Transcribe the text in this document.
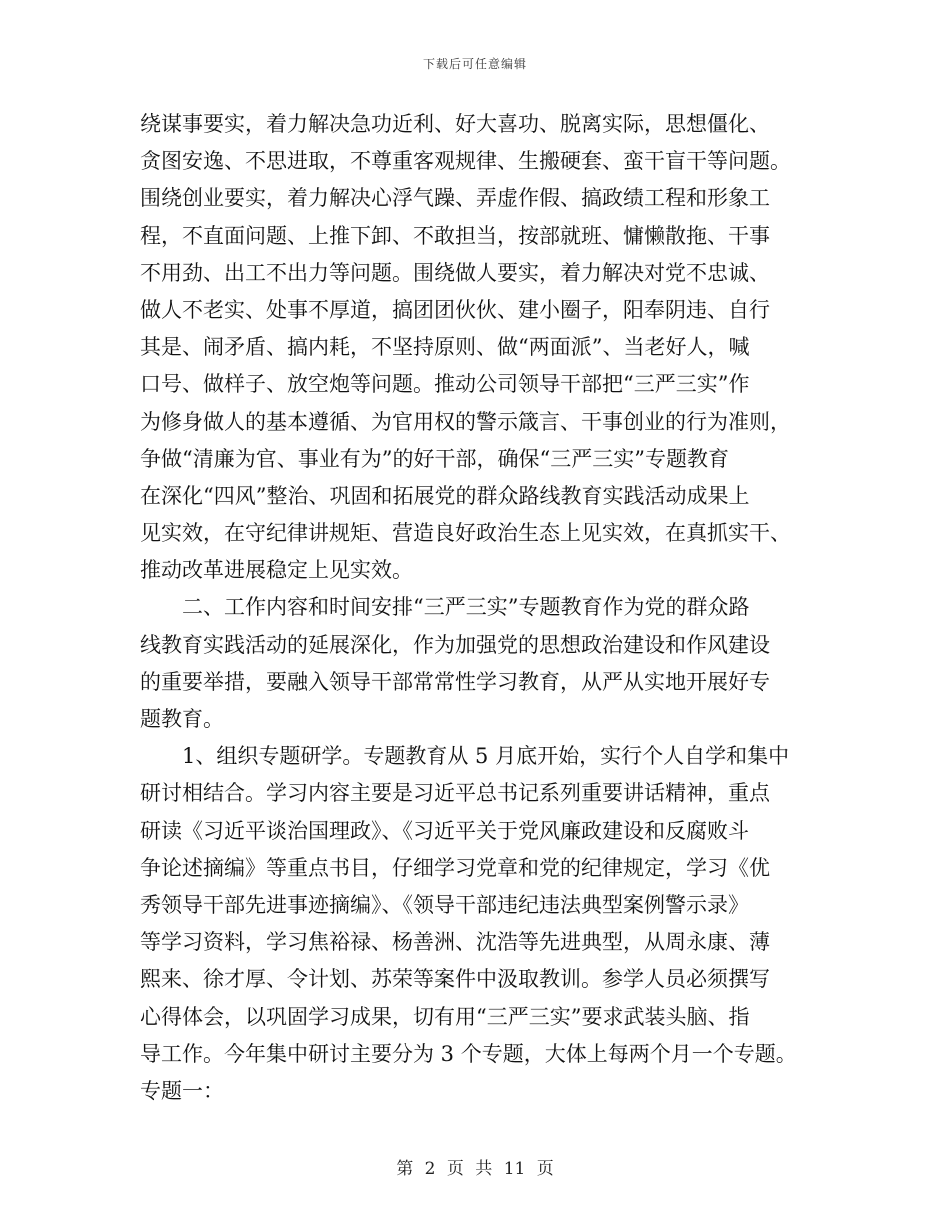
下载后可任意编辑
绕谋事要实，着力解决急功近利、好大喜功、脱离实际，思想僵化、
贪图安逸、不思进取，不尊重客观规律、生搬硬套、蛮干盲干等问题。
围绕创业要实，着力解决心浮气躁、弄虚作假、搞政绩工程和形象工
程，不直面问题、上推下卸、不敢担当，按部就班、慵懒散拖、干事
不用劲、出工不出力等问题。围绕做人要实，着力解决对党不忠诚、
做人不老实、处事不厚道，搞团团伙伙、建小圈子，阳奉阴违、自行
其是、闹矛盾、搞内耗，不坚持原则、做“两面派”、当老好人，喊
口号、做样子、放空炮等问题。推动公司领导干部把“三严三实”作
为修身做人的基本遵循、为官用权的警示箴言、干事创业的行为准则，
争做“清廉为官、事业有为”的好干部，确保“三严三实”专题教育
在深化“四风”整治、巩固和拓展党的群众路线教育实践活动成果上
见实效，在守纪律讲规矩、营造良好政治生态上见实效，在真抓实干、
推动改革进展稳定上见实效。
二、工作内容和时间安排“三严三实”专题教育作为党的群众路
线教育实践活动的延展深化，作为加强党的思想政治建设和作风建设
的重要举措，要融入领导干部常常性学习教育，从严从实地开展好专
题教育。
1、组织专题研学。专题教育从 5 月底开始，实行个人自学和集中
研讨相结合。学习内容主要是习近平总书记系列重要讲话精神，重点
研读《习近平谈治国理政》、《习近平关于党风廉政建设和反腐败斗
争论述摘编》等重点书目，仔细学习党章和党的纪律规定，学习《优
秀领导干部先进事迹摘编》、《领导干部违纪违法典型案例警示录》
等学习资料，学习焦裕禄、杨善洲、沈浩等先进典型，从周永康、薄
熙来、徐才厚、令计划、苏荣等案件中汲取教训。参学人员必须撰写
心得体会，以巩固学习成果，切有用“三严三实”要求武装头脑、指
导工作。今年集中研讨主要分为 3 个专题，大体上每两个月一个专题。
专题一：
第 2 页 共 11 页
